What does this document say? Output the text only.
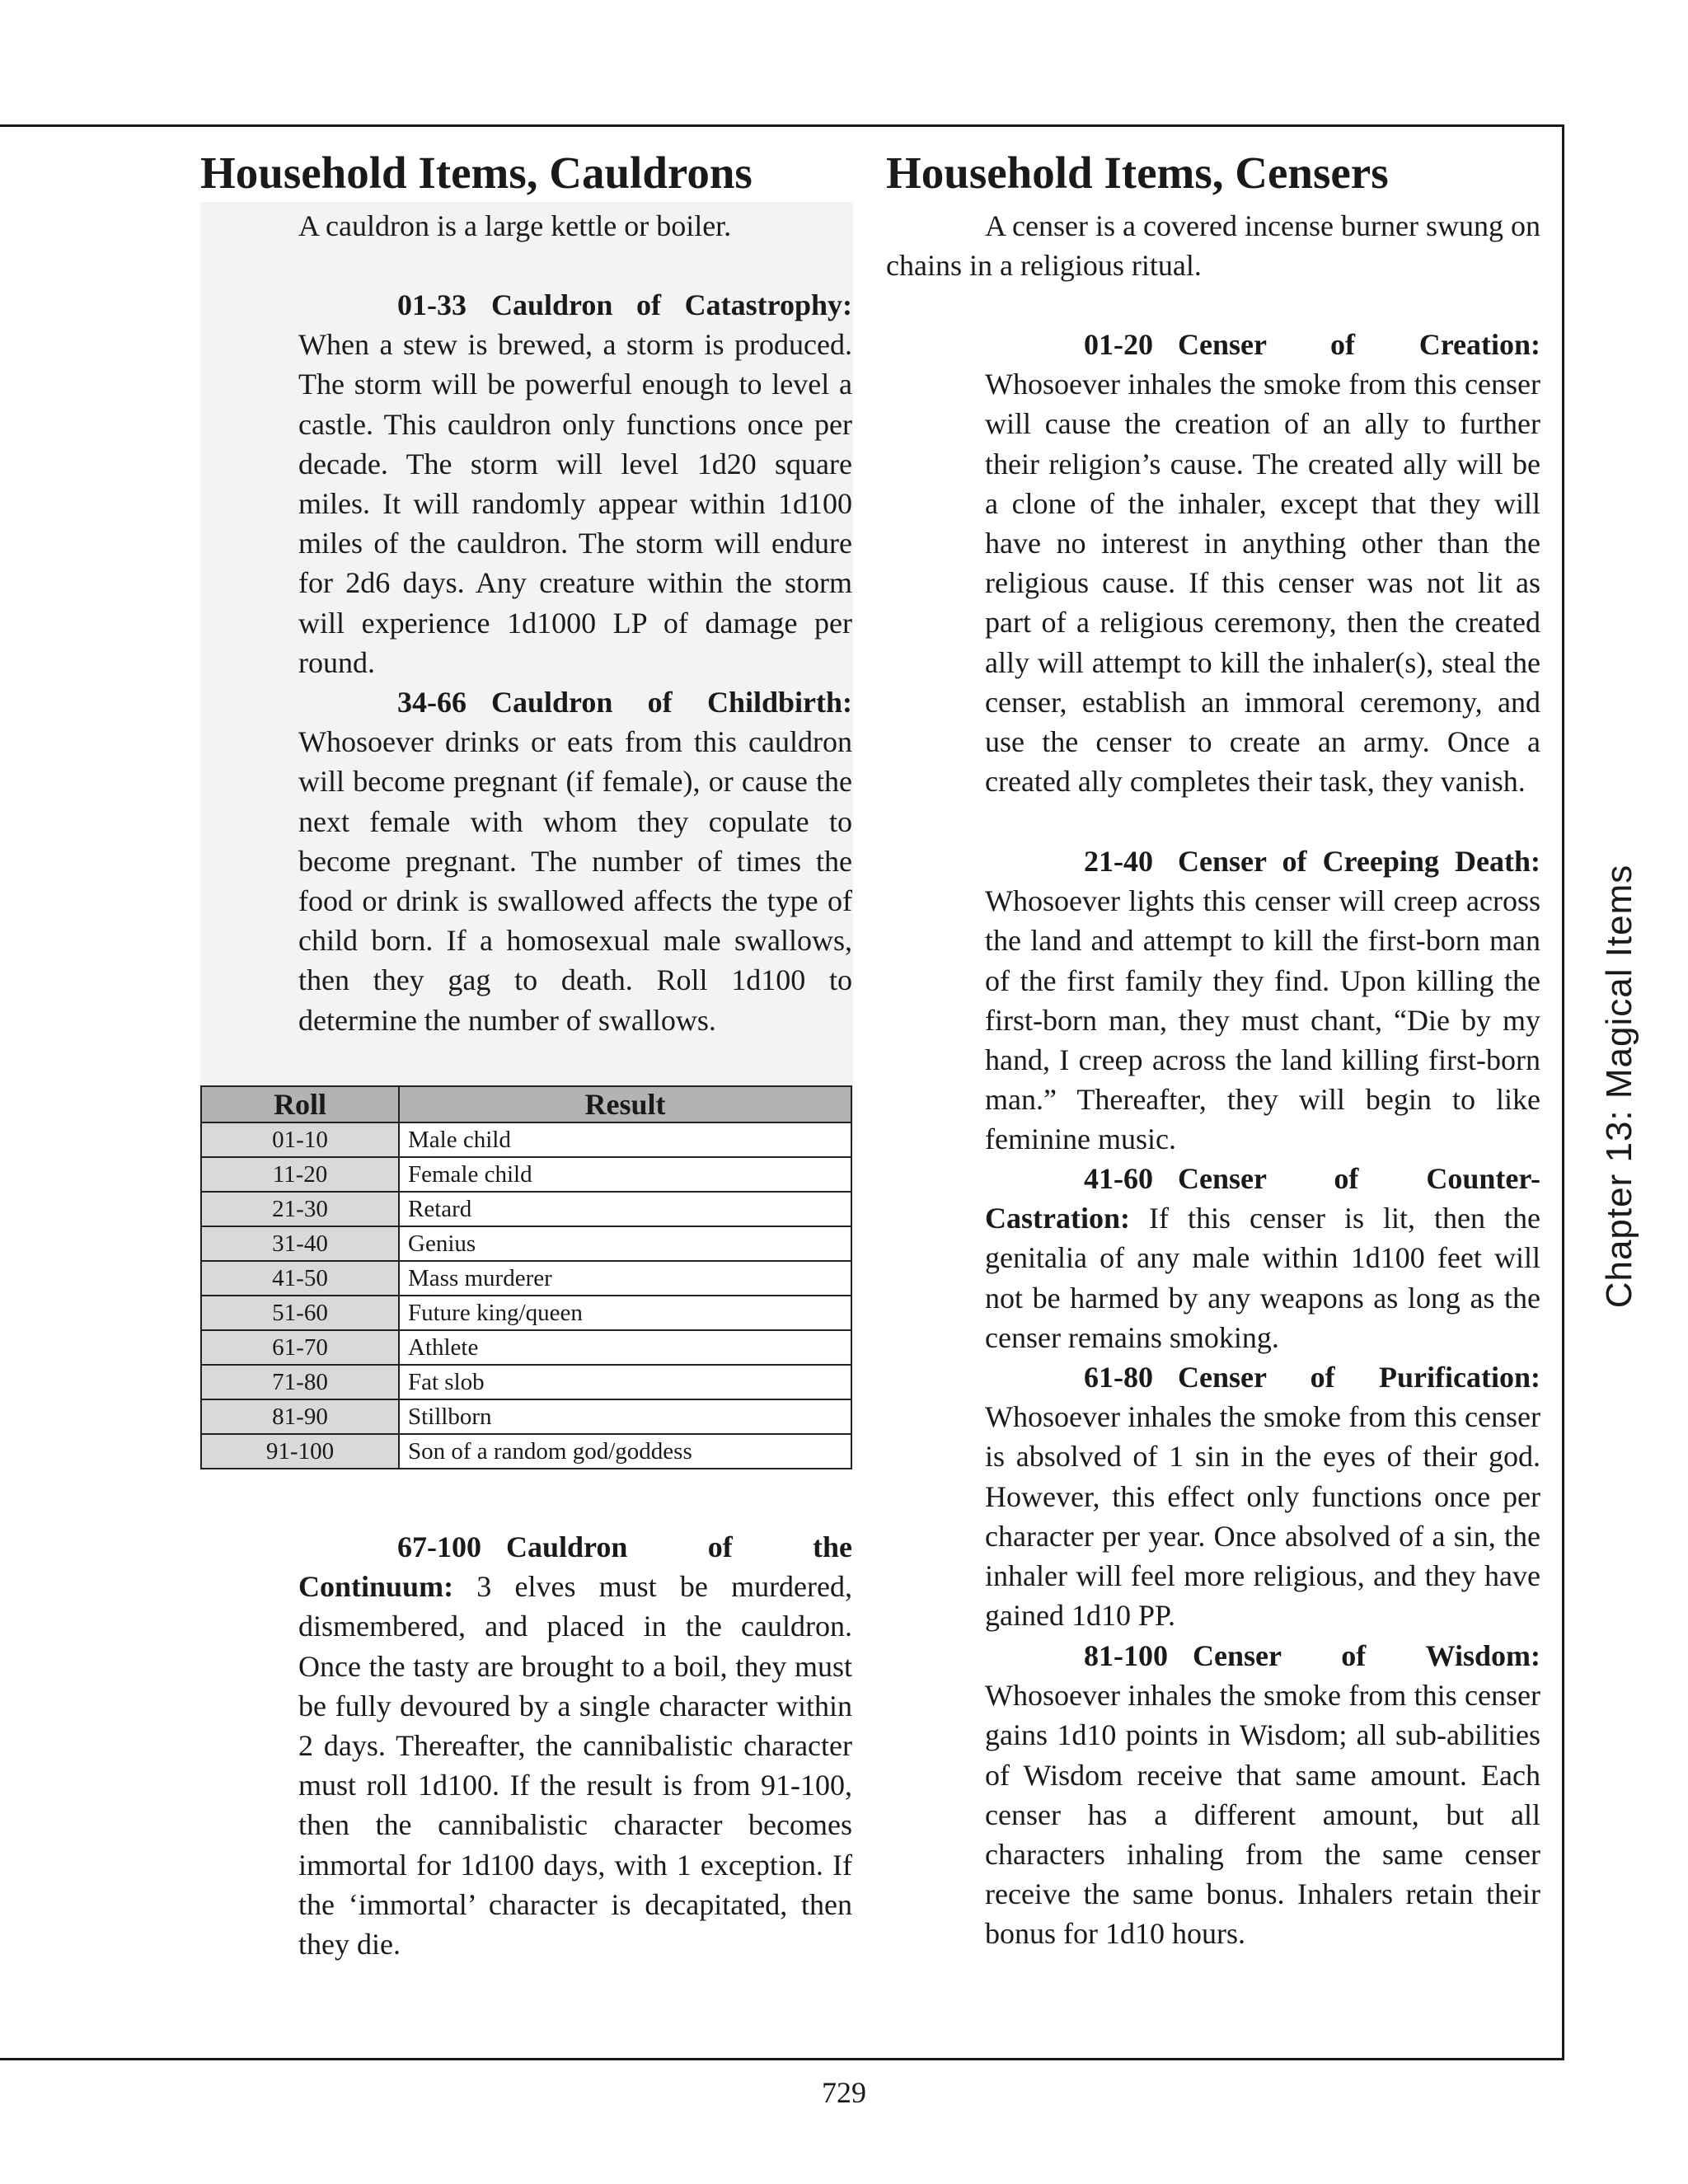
Household Items, Cauldrons

A cauldron is a large kettle or boiler.

01-33 Cauldron of Catastrophy: When a stew is brewed, a storm is produced. The storm will be powerful enough to level a castle. This cauldron only functions once per decade. The storm will level 1d20 square miles. It will randomly appear within 1d100 miles of the cauldron. The storm will endure for 2d6 days. Any creature within the storm will experience 1d1000 LP of damage per round.

34-66 Cauldron of Childbirth: Whosoever drinks or eats from this cauldron will become pregnant (if female), or cause the next female with whom they copulate to become pregnant. The number of times the food or drink is swallowed affects the type of child born. If a homosexual male swallows, then they gag to death. Roll 1d100 to determine the number of swallows.

Roll	Result
01-10	Male child
11-20	Female child
21-30	Retard
31-40	Genius
41-50	Mass murderer
51-60	Future king/queen
61-70	Athlete
71-80	Fat slob
81-90	Stillborn
91-100	Son of a random god/goddess

67-100 Cauldron of the Continuum: 3 elves must be murdered, dismembered, and placed in the cauldron. Once the tasty are brought to a boil, they must be fully devoured by a single character within 2 days. Thereafter, the cannibalistic character must roll 1d100. If the result is from 91-100, then the cannibalistic character becomes immortal for 1d100 days, with 1 exception. If the ‘immortal’ character is decapitated, then they die.

Household Items, Censers

A censer is a covered incense burner swung on chains in a religious ritual.

01-20 Censer of Creation: Whosoever inhales the smoke from this censer will cause the creation of an ally to further their religion’s cause. The created ally will be a clone of the inhaler, except that they will have no interest in anything other than the religious cause. If this censer was not lit as part of a religious ceremony, then the created ally will attempt to kill the inhaler(s), steal the censer, establish an immoral ceremony, and use the censer to create an army. Once a created ally completes their task, they vanish.

21-40 Censer of Creeping Death: Whosoever lights this censer will creep across the land and attempt to kill the first-born man of the first family they find. Upon killing the first-born man, they must chant, “Die by my hand, I creep across the land killing first-born man.” Thereafter, they will begin to like feminine music.

41-60 Censer of Counter-Castration: If this censer is lit, then the genitalia of any male within 1d100 feet will not be harmed by any weapons as long as the censer remains smoking.

61-80 Censer of Purification: Whosoever inhales the smoke from this censer is absolved of 1 sin in the eyes of their god. However, this effect only functions once per character per year. Once absolved of a sin, the inhaler will feel more religious, and they have gained 1d10 PP.

81-100 Censer of Wisdom: Whosoever inhales the smoke from this censer gains 1d10 points in Wisdom; all sub-abilities of Wisdom receive that same amount. Each censer has a different amount, but all characters inhaling from the same censer receive the same bonus. Inhalers retain their bonus for 1d10 hours.

Chapter 13: Magical Items
729
